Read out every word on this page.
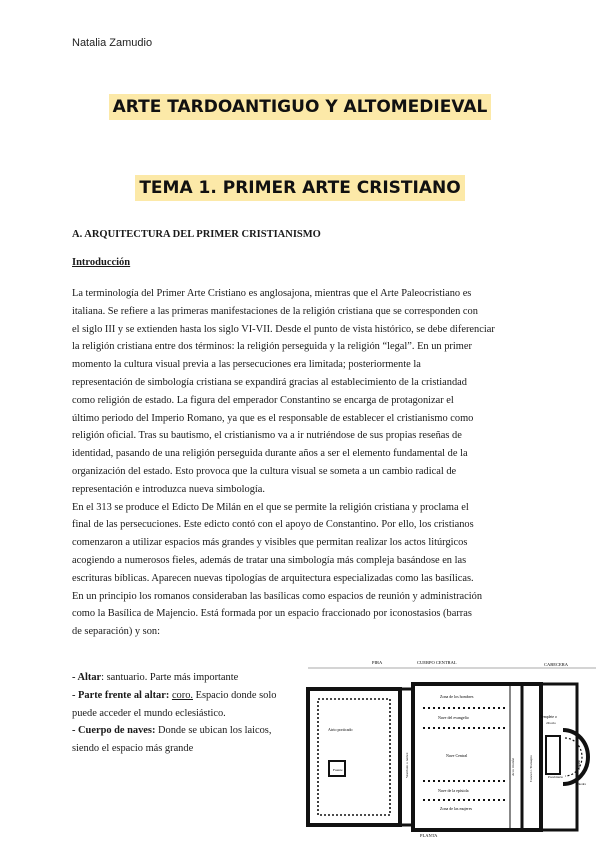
Natalia Zamudio
ARTE TARDOANTIGUO Y ALTOMEDIEVAL
TEMA 1. PRIMER ARTE CRISTIANO
A. ARQUITECTURA DEL PRIMER CRISTIANISMO
Introducción
La terminología del Primer Arte Cristiano es anglosajona, mientras que el Arte Paleocristiano es
italiana. Se refiere a las primeras manifestaciones de la religión cristiana que se corresponden con
el siglo III y se extienden hasta los siglo VI-VII. Desde el punto de vista histórico, se debe diferenciar
la religión cristiana entre dos términos: la religión perseguida y la religión “legal”. En un primer
momento la cultura visual previa a las persecuciones era limitada; posteriormente la
representación de simbología cristiana se expandirá gracias al establecimiento de la cristiandad
como religión de estado. La figura del emperador Constantino se encarga de protagonizar el
último periodo del Imperio Romano, ya que es el responsable de establecer el cristianismo como
religión oficial. Tras su bautismo, el cristianismo va a ir nutriéndose de sus propias reseñas de
identidad, pasando de una religión perseguida durante años a ser el elemento fundamental de la
organización del estado. Esto provoca que la cultura visual se someta a un cambio radical de
representación e introduzca nueva simbología.
En el 313 se produce el Edicto De Milán en el que se permite la religión cristiana y proclama el
final de las persecuciones. Este edicto contó con el apoyo de Constantino. Por ello, los cristianos
comenzaron a utilizar espacios más grandes y visibles que permitan realizar los actos litúrgicos
acogiendo a numerosos fieles, además de tratar una simbología más compleja basándose en las
escrituras bíblicas. Aparecen nuevas tipologías de arquitectura especializadas como las basílicas.
En un principio los romanos consideraban las basílicas como espacios de reunión y administración
como la Basílica de Majencio. Está formada por un espacio fraccionado por iconostasios (barras
de separación) y son:
- Altar: santuario. Parte más importante
- Parte frente al altar: coro. Espacio donde solo
puede acceder el mundo eclesiástico.
- Cuerpo de naves: Donde se ubican los laicos,
siendo el espacio más grande
PIRA	CUERPO CENTRAL	CABECERA
Atrio porticado
Fuente	Vestíbulo o nártex
Zona de los hombres
Nave del evangelio
Nave Central
Nave de la epístola
Zona de las mujeres
Arco triunfal	Cancel o Transepto
Templete o
ciborio
Presbiterio
Ábside
Cátedra
PLANTA
